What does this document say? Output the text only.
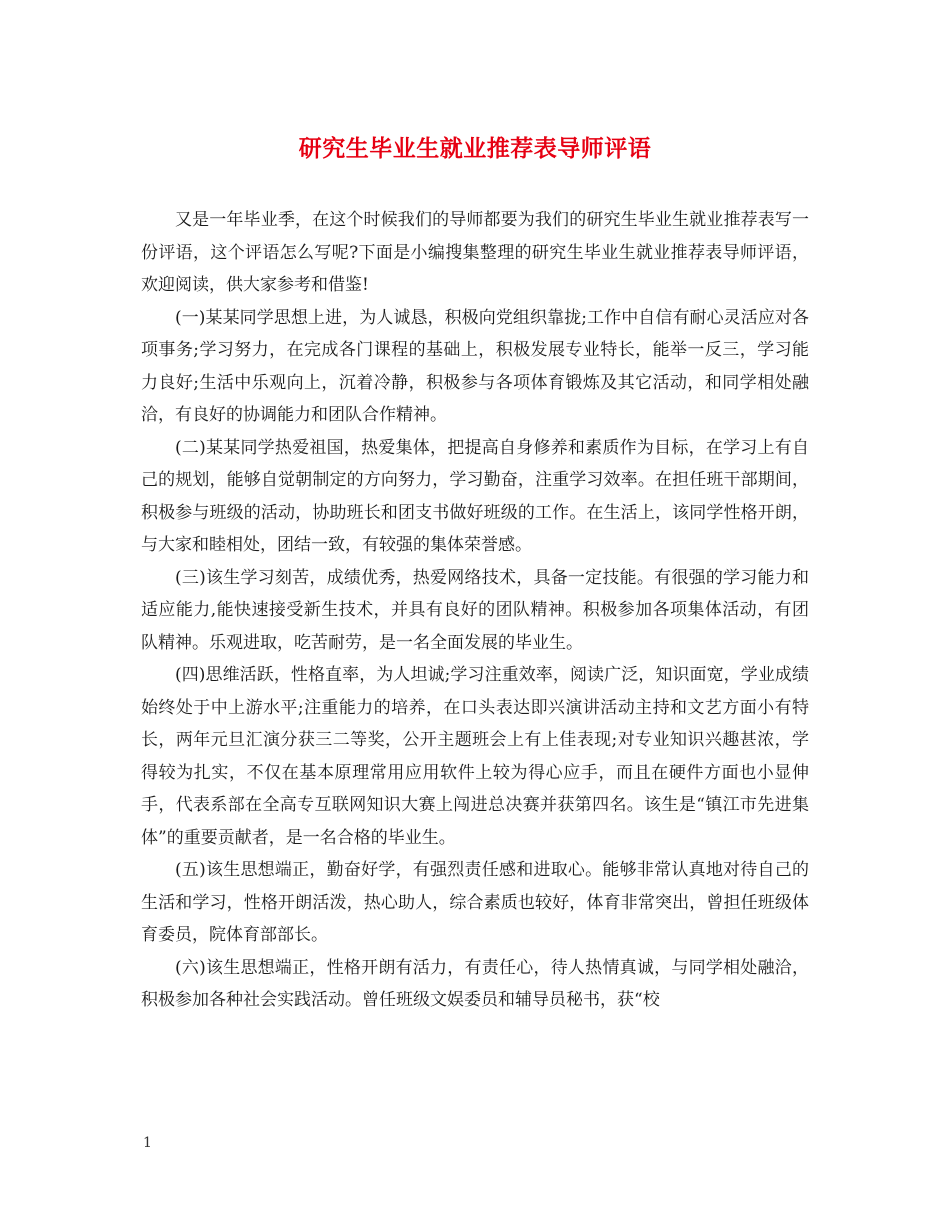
研究生毕业生就业推荐表导师评语

又是一年毕业季，在这个时候我们的导师都要为我们的研究生毕业生就业推荐表写一份评语，这个评语怎么写呢?下面是小编搜集整理的研究生毕业生就业推荐表导师评语，欢迎阅读，供大家参考和借鉴!

(一)某某同学思想上进，为人诚恳，积极向党组织靠拢;工作中自信有耐心灵活应对各项事务;学习努力，在完成各门课程的基础上，积极发展专业特长，能举一反三，学习能力良好;生活中乐观向上，沉着冷静，积极参与各项体育锻炼及其它活动，和同学相处融洽，有良好的协调能力和团队合作精神。

(二)某某同学热爱祖国，热爱集体，把提高自身修养和素质作为目标，在学习上有自己的规划，能够自觉朝制定的方向努力，学习勤奋，注重学习效率。在担任班干部期间，积极参与班级的活动，协助班长和团支书做好班级的工作。在生活上，该同学性格开朗，与大家和睦相处，团结一致，有较强的集体荣誉感。

(三)该生学习刻苦，成绩优秀，热爱网络技术，具备一定技能。有很强的学习能力和适应能力,能快速接受新生技术，并具有良好的团队精神。积极参加各项集体活动，有团队精神。乐观进取，吃苦耐劳，是一名全面发展的毕业生。

(四)思维活跃，性格直率，为人坦诚;学习注重效率，阅读广泛，知识面宽，学业成绩始终处于中上游水平;注重能力的培养，在口头表达即兴演讲活动主持和文艺方面小有特长，两年元旦汇演分获三二等奖，公开主题班会上有上佳表现;对专业知识兴趣甚浓，学得较为扎实，不仅在基本原理常用应用软件上较为得心应手，而且在硬件方面也小显伸手，代表系部在全高专互联网知识大赛上闯进总决赛并获第四名。该生是“镇江市先进集体”的重要贡献者，是一名合格的毕业生。

(五)该生思想端正，勤奋好学，有强烈责任感和进取心。能够非常认真地对待自己的生活和学习，性格开朗活泼，热心助人，综合素质也较好，体育非常突出，曾担任班级体育委员，院体育部部长。

(六)该生思想端正，性格开朗有活力，有责任心，待人热情真诚，与同学相处融洽，积极参加各种社会实践活动。曾任班级文娱委员和辅导员秘书，获“校

1
